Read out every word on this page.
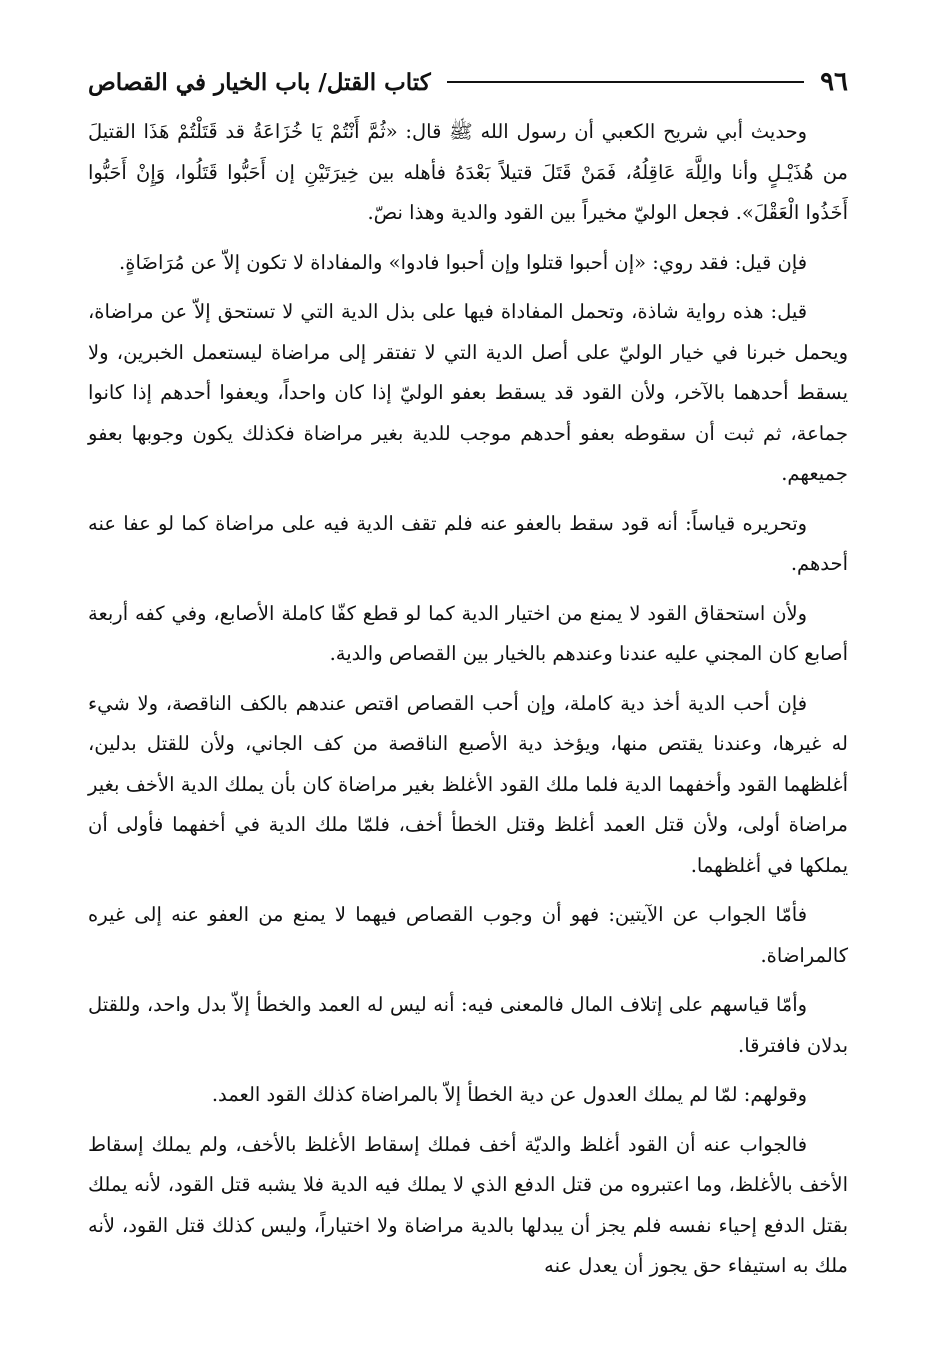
٩٦
كتاب القتل/ باب الخيار في القصاص

وحديث أبي شريح الكعبي أن رسول الله ﷺ قال: «ثُمَّ أَنْتُمْ يَا خُزَاعَةُ قد قَتَلْتُمْ هَذَا القتيلَ من هُذَيْـلٍ وأنا والِلَّهَ عَاقِلُهُ، فَمَنْ قَتَلَ قتيلاً بَعْدَهُ فأهله بين خِيرَتَيْنِ إن أَحَبُّوا قَتَلُوا، وَإِنْ أَحَبُّوا أَخَذُوا الْعَقْلَ». فجعل الوليّ مخيراً بين القود والدية وهذا نصّ.

فإن قيل: فقد روي: «إن أحبوا قتلوا وإن أحبوا فادوا» والمفاداة لا تكون إلاّ عن مُرَاضَاةٍ.

قيل: هذه رواية شاذة، وتحمل المفاداة فيها على بذل الدية التي لا تستحق إلاّ عن مراضاة، ويحمل خبرنا في خيار الوليّ على أصل الدية التي لا تفتقر إلى مراضاة ليستعمل الخبرين، ولا يسقط أحدهما بالآخر، ولأن القود قد يسقط بعفو الوليّ إذا كان واحداً، ويعفوا أحدهم إذا كانوا جماعة، ثم ثبت أن سقوطه بعفو أحدهم موجب للدية بغير مراضاة فكذلك يكون وجوبها بعفو جميعهم.

وتحريره قياساً: أنه قود سقط بالعفو عنه فلم تقف الدية فيه على مراضاة كما لو عفا عنه أحدهم.

ولأن استحقاق القود لا يمنع من اختيار الدية كما لو قطع كفّا كاملة الأصابع، وفي كفه أربعة أصابع كان المجني عليه عندنا وعندهم بالخيار بين القصاص والدية.

فإن أحب الدية أخذ دية كاملة، وإن أحب القصاص اقتص عندهم بالكف الناقصة، ولا شيء له غيرها، وعندنا يقتص منها، ويؤخذ دية الأصبع الناقصة من كف الجاني، ولأن للقتل بدلين، أغلظهما القود وأخفهما الدية فلما ملك القود الأغلظ بغير مراضاة كان بأن يملك الدية الأخف بغير مراضاة أولى، ولأن قتل العمد أغلظ وقتل الخطأ أخف، فلمّا ملك الدية في أخفهما فأولى أن يملكها في أغلظهما.

فأمّا الجواب عن الآيتين: فهو أن وجوب القصاص فيهما لا يمنع من العفو عنه إلى غيره كالمراضاة.

وأمّا قياسهم على إتلاف المال فالمعنى فيه: أنه ليس له العمد والخطأ إلاّ بدل واحد، وللقتل بدلان فافترقا.

وقولهم: لمّا لم يملك العدول عن دية الخطأ إلاّ بالمراضاة كذلك القود العمد.

فالجواب عنه أن القود أغلظ والديّة أخف فملك إسقاط الأغلظ بالأخف، ولم يملك إسقاط الأخف بالأغلظ، وما اعتبروه من قتل الدفع الذي لا يملك فيه الدية فلا يشبه قتل القود، لأنه يملك بقتل الدفع إحياء نفسه فلم يجز أن يبدلها بالدية مراضاة ولا اختياراً، وليس كذلك قتل القود، لأنه ملك به استيفاء حق يجوز أن يعدل عنه
